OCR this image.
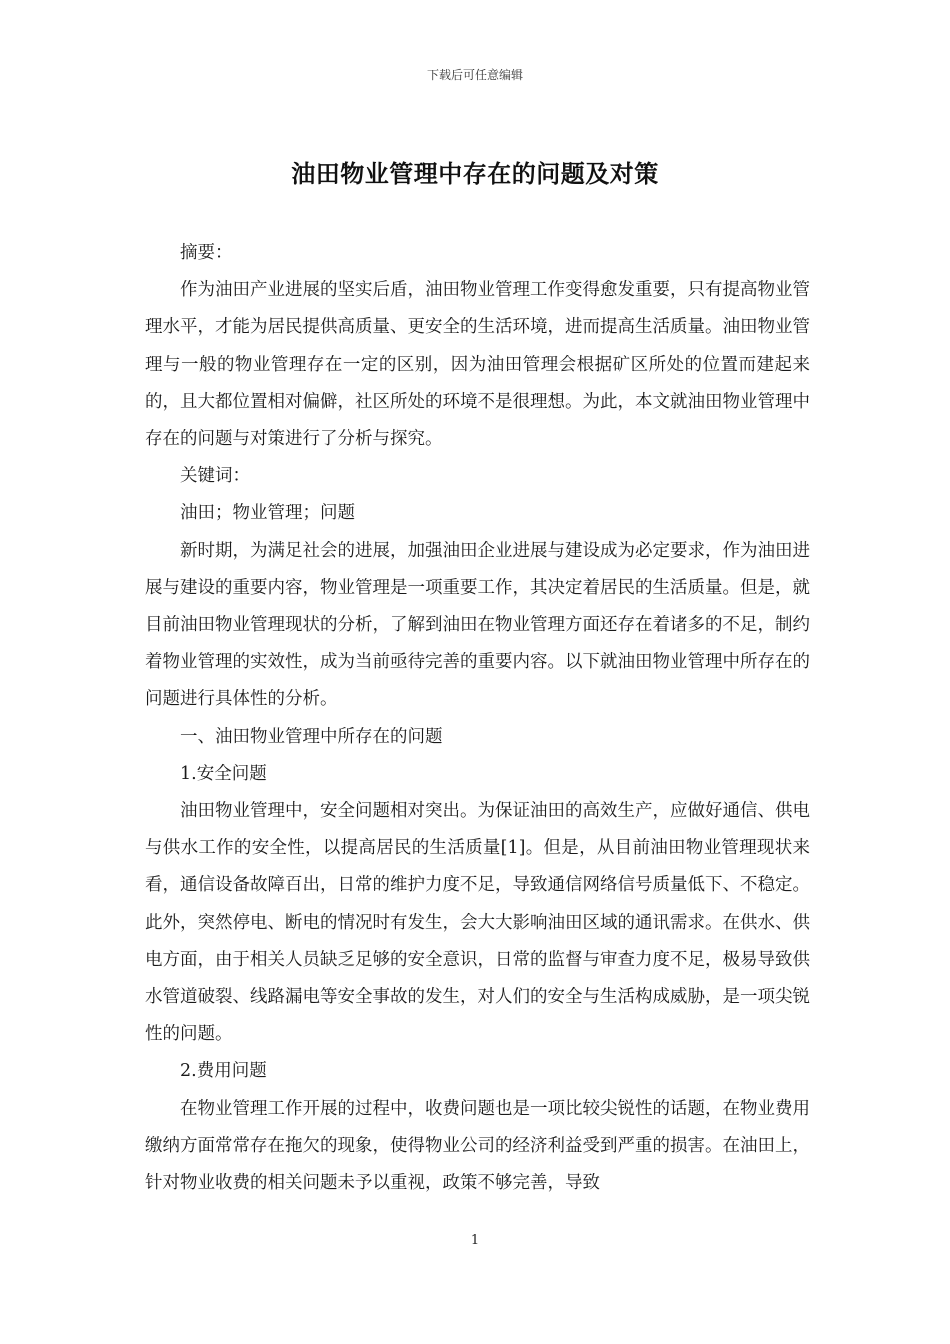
下载后可任意编辑
油田物业管理中存在的问题及对策

摘要：

作为油田产业进展的坚实后盾，油田物业管理工作变得愈发重要，只有提高物业管理水平，才能为居民提供高质量、更安全的生活环境，进而提高生活质量。油田物业管理与一般的物业管理存在一定的区别，因为油田管理会根据矿区所处的位置而建起来的，且大都位置相对偏僻，社区所处的环境不是很理想。为此，本文就油田物业管理中存在的问题与对策进行了分析与探究。

关键词：

油田；物业管理；问题

新时期，为满足社会的进展，加强油田企业进展与建设成为必定要求，作为油田进展与建设的重要内容，物业管理是一项重要工作，其决定着居民的生活质量。但是，就目前油田物业管理现状的分析，了解到油田在物业管理方面还存在着诸多的不足，制约着物业管理的实效性，成为当前亟待完善的重要内容。以下就油田物业管理中所存在的问题进行具体性的分析。

一、油田物业管理中所存在的问题

1.安全问题

油田物业管理中，安全问题相对突出。为保证油田的高效生产，应做好通信、供电与供水工作的安全性，以提高居民的生活质量[1]。但是，从目前油田物业管理现状来看，通信设备故障百出，日常的维护力度不足，导致通信网络信号质量低下、不稳定。此外，突然停电、断电的情况时有发生，会大大影响油田区域的通讯需求。在供水、供电方面，由于相关人员缺乏足够的安全意识，日常的监督与审查力度不足，极易导致供水管道破裂、线路漏电等安全事故的发生，对人们的安全与生活构成威胁，是一项尖锐性的问题。

2.费用问题

在物业管理工作开展的过程中，收费问题也是一项比较尖锐性的话题，在物业费用缴纳方面常常存在拖欠的现象，使得物业公司的经济利益受到严重的损害。在油田上，针对物业收费的相关问题未予以重视，政策不够完善，导致

1
